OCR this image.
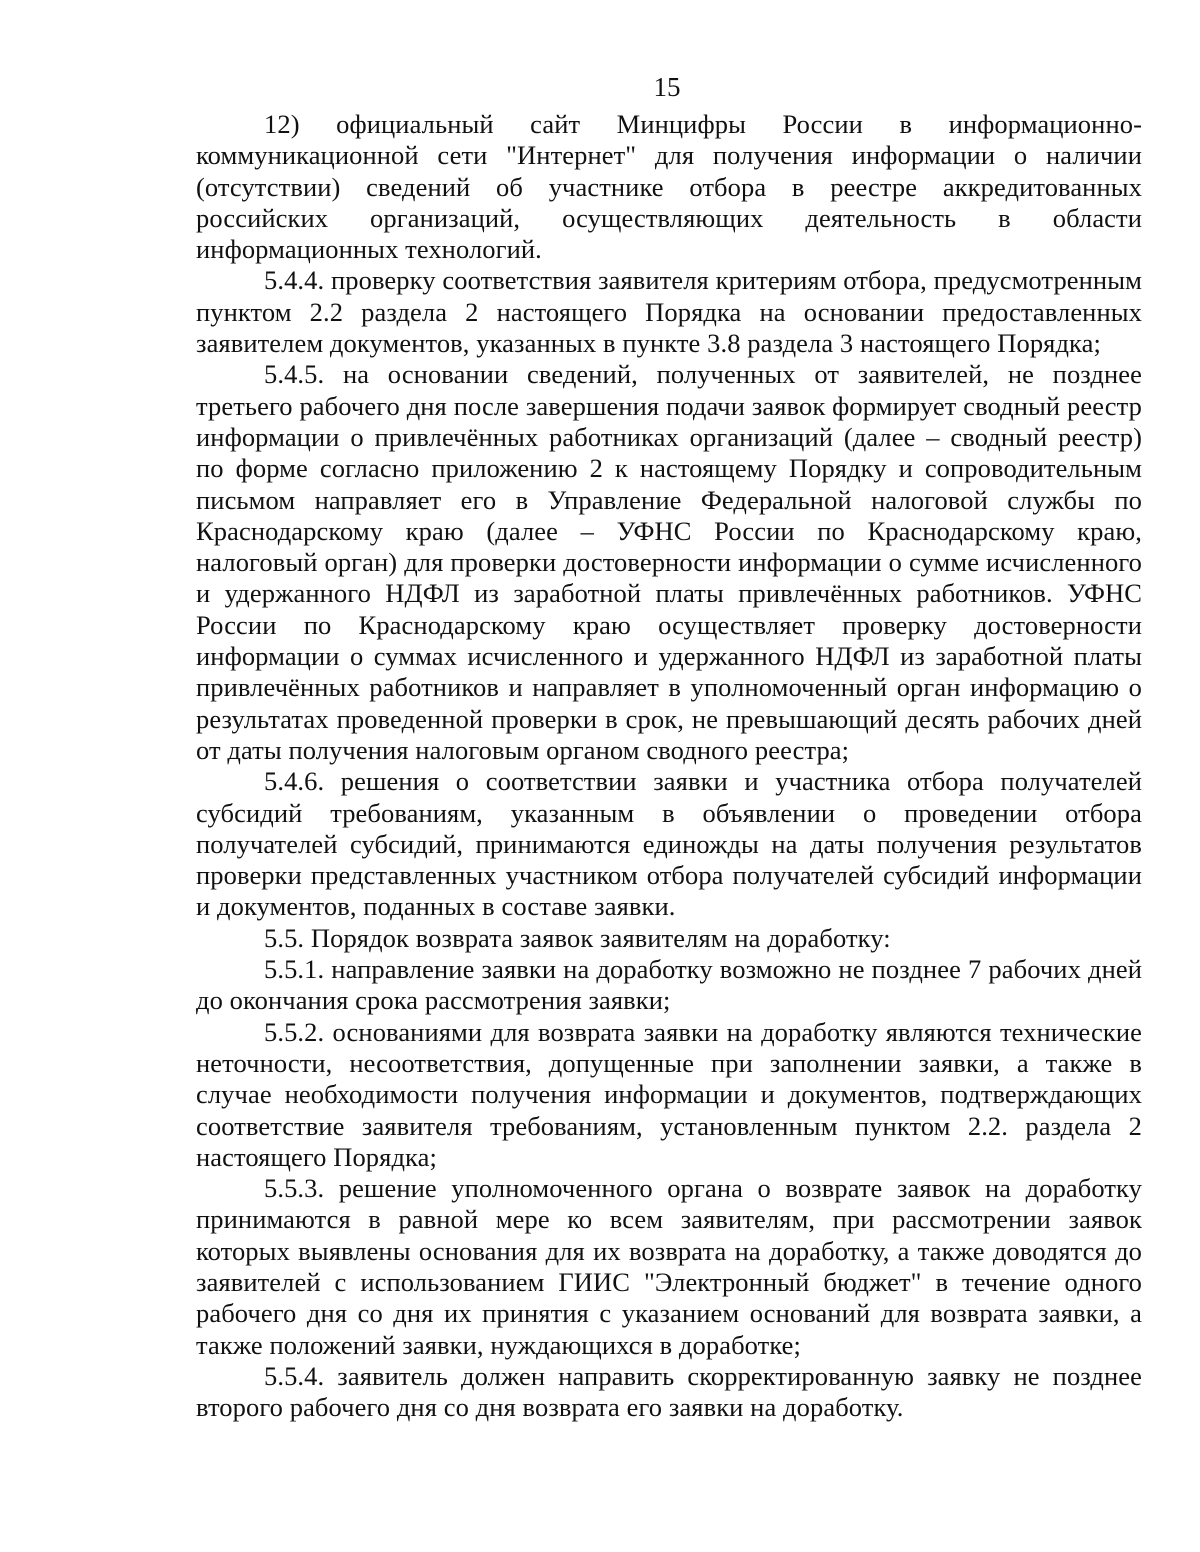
15

12) официальный сайт Минцифры России в информационно-коммуникационной сети "Интернет" для получения информации о наличии (отсутствии) сведений об участнике отбора в реестре аккредитованных российских организаций, осуществляющих деятельность в области информационных технологий.

5.4.4. проверку соответствия заявителя критериям отбора, предусмотренным пунктом 2.2 раздела 2 настоящего Порядка на основании предоставленных заявителем документов, указанных в пункте 3.8 раздела 3 настоящего Порядка;

5.4.5. на основании сведений, полученных от заявителей, не позднее третьего рабочего дня после завершения подачи заявок формирует сводный реестр информации о привлечённых работниках организаций (далее – сводный реестр) по форме согласно приложению 2 к настоящему Порядку и сопроводительным письмом направляет его в Управление Федеральной налоговой службы по Краснодарскому краю (далее – УФНС России по Краснодарскому краю, налоговый орган) для проверки достоверности информации о сумме исчисленного и удержанного НДФЛ из заработной платы привлечённых работников. УФНС России по Краснодарскому краю осуществляет проверку достоверности информации о суммах исчисленного и удержанного НДФЛ из заработной платы привлечённых работников и направляет в уполномоченный орган информацию о результатах проведенной проверки в срок, не превышающий десять рабочих дней от даты получения налоговым органом сводного реестра;

5.4.6. решения о соответствии заявки и участника отбора получателей субсидий требованиям, указанным в объявлении о проведении отбора получателей субсидий, принимаются единожды на даты получения результатов проверки представленных участником отбора получателей субсидий информации и документов, поданных в составе заявки.

5.5. Порядок возврата заявок заявителям на доработку:

5.5.1. направление заявки на доработку возможно не позднее 7 рабочих дней до окончания срока рассмотрения заявки;

5.5.2. основаниями для возврата заявки на доработку являются технические неточности, несоответствия, допущенные при заполнении заявки, а также в случае необходимости получения информации и документов, подтверждающих соответствие заявителя требованиям, установленным пунктом 2.2. раздела 2 настоящего Порядка;

5.5.3. решение уполномоченного органа о возврате заявок на доработку принимаются в равной мере ко всем заявителям, при рассмотрении заявок которых выявлены основания для их возврата на доработку, а также доводятся до заявителей с использованием ГИИС "Электронный бюджет" в течение одного рабочего дня со дня их принятия с указанием оснований для возврата заявки, а также положений заявки, нуждающихся в доработке;

5.5.4. заявитель должен направить скорректированную заявку не позднее второго рабочего дня со дня возврата его заявки на доработку.
